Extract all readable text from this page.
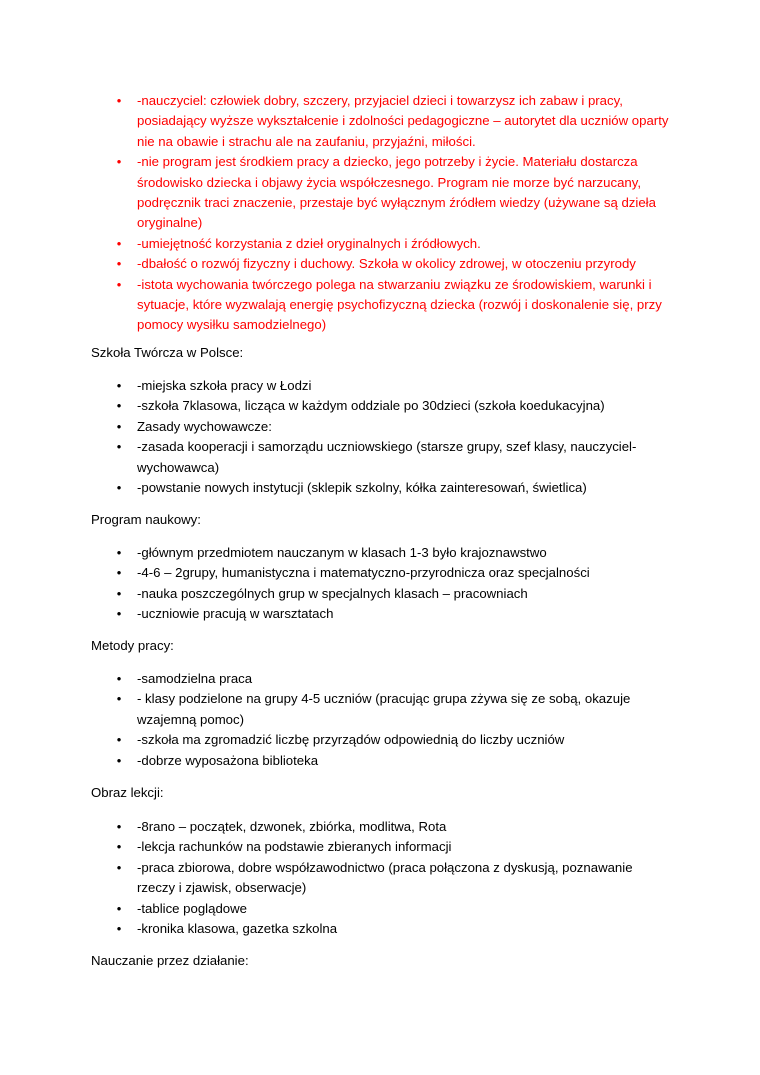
• -nauczyciel: człowiek dobry, szczery, przyjaciel dzieci i towarzysz ich zabaw i pracy, posiadający wyższe wykształcenie i zdolności pedagogiczne – autorytet dla uczniów oparty nie na obawie i strachu ale na zaufaniu, przyjaźni, miłości.
• -nie program jest środkiem pracy a dziecko, jego potrzeby i życie. Materiału dostarcza środowisko dziecka i objawy życia współczesnego. Program nie morze być narzucany, podręcznik traci znaczenie, przestaje być wyłącznym źródłem wiedzy (używane są dzieła oryginalne)
• -umiejętność korzystania z dzieł oryginalnych i źródłowych.
• -dbałość o rozwój fizyczny i duchowy. Szkoła w okolicy zdrowej, w otoczeniu przyrody
• -istota wychowania twórczego polega na stwarzaniu związku ze środowiskiem, warunki i sytuacje, które wyzwalają energię psychofizyczną dziecka (rozwój i doskonalenie się, przy pomocy wysiłku samodzielnego)

Szkoła Twórcza w Polsce:

• -miejska szkoła pracy w Łodzi
• -szkoła 7klasowa, licząca w każdym oddziale po 30dzieci (szkoła koedukacyjna)
• Zasady wychowawcze:
• -zasada kooperacji i samorządu uczniowskiego (starsze grupy, szef klasy, nauczyciel-wychowawca)
• -powstanie nowych instytucji (sklepik szkolny, kółka zainteresowań, świetlica)

Program naukowy:

• -głównym przedmiotem nauczanym w klasach 1-3 było krajoznawstwo
• -4-6 – 2grupy, humanistyczna i matematyczno-przyrodnicza oraz specjalności
• -nauka poszczególnych grup w specjalnych klasach – pracowniach
• -uczniowie pracują w warsztatach

Metody pracy:

• -samodzielna praca
• - klasy podzielone na grupy 4-5 uczniów (pracując grupa zżywa się ze sobą, okazuje wzajemną pomoc)
• -szkoła ma zgromadzić liczbę przyrządów odpowiednią do liczby uczniów
• -dobrze wyposażona biblioteka

Obraz lekcji:

• -8rano – początek, dzwonek, zbiórka, modlitwa, Rota
• -lekcja rachunków na podstawie zbieranych informacji
• -praca zbiorowa, dobre współzawodnictwo (praca połączona z dyskusją, poznawanie rzeczy i zjawisk, obserwacje)
• -tablice poglądowe
• -kronika klasowa, gazetka szkolna

Nauczanie przez działanie:
